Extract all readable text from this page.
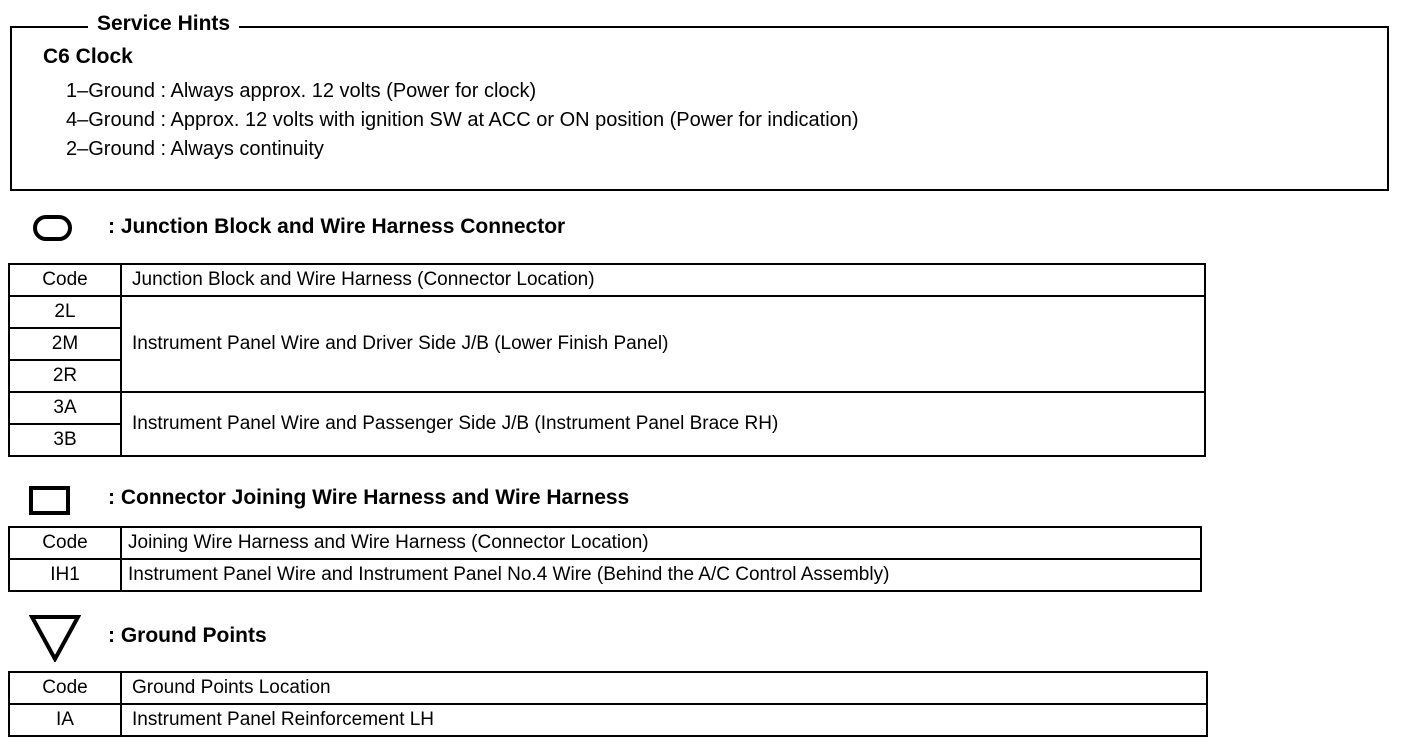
Service Hints
C6 Clock
1–Ground : Always approx. 12 volts (Power for clock)
4–Ground : Approx. 12 volts with ignition SW at ACC or ON position (Power for indication)
2–Ground : Always continuity
: Junction Block and Wire Harness Connector
Code	Junction Block and Wire Harness (Connector Location)
2L	Instrument Panel Wire and Driver Side J/B (Lower Finish Panel)
2M	
2R	
3A	Instrument Panel Wire and Passenger Side J/B (Instrument Panel Brace RH)
3B	
: Connector Joining Wire Harness and Wire Harness
Code	Joining Wire Harness and Wire Harness (Connector Location)
IH1	Instrument Panel Wire and Instrument Panel No.4 Wire (Behind the A/C Control Assembly)
: Ground Points
Code	Ground Points Location
IA	Instrument Panel Reinforcement LH
